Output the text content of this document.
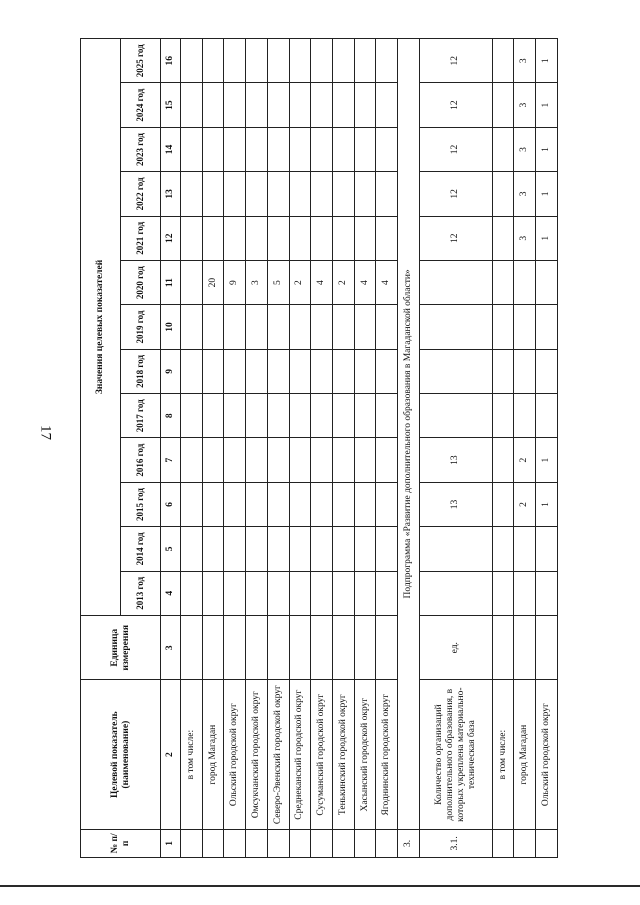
17
№ п/п	Целевой показатель (наименование)	Единица измерения	Значения целевых показателей												
			2013 год	2014 год	2015 год	2016 год	2017 год	2018 год	2019 год	2020 год	2021 год	2022 год	2023 год	2024 год	2025 год
1	2	3	4	5	6	7	8	9	10	11	12	13	14	15	16
	в том числе:														
	город Магадан									20					
	Ольский городской округ									9					
	Омсукчанский городской округ									3					
	Северо-Эвенский городской округ									5					
	Среднеканский городской округ									2					
	Сусуманский городской округ									4					
	Тенькинский городской округ									2					
	Хасынский городской округ									4					
	Ягоднинский городской округ									4					
3.	Подпрограмма «Развитие дополнительного образования в Магаданской области»														
3.1.	Количество организаций дополнительного образования, в которых укреплена материально-техническая база	ед.			13	13					12	12	12	12	12
	в том числе:														
	город Магадан				2	2					3	3	3	3	3
	Ольский городской округ				1	1					1	1	1	1	1
